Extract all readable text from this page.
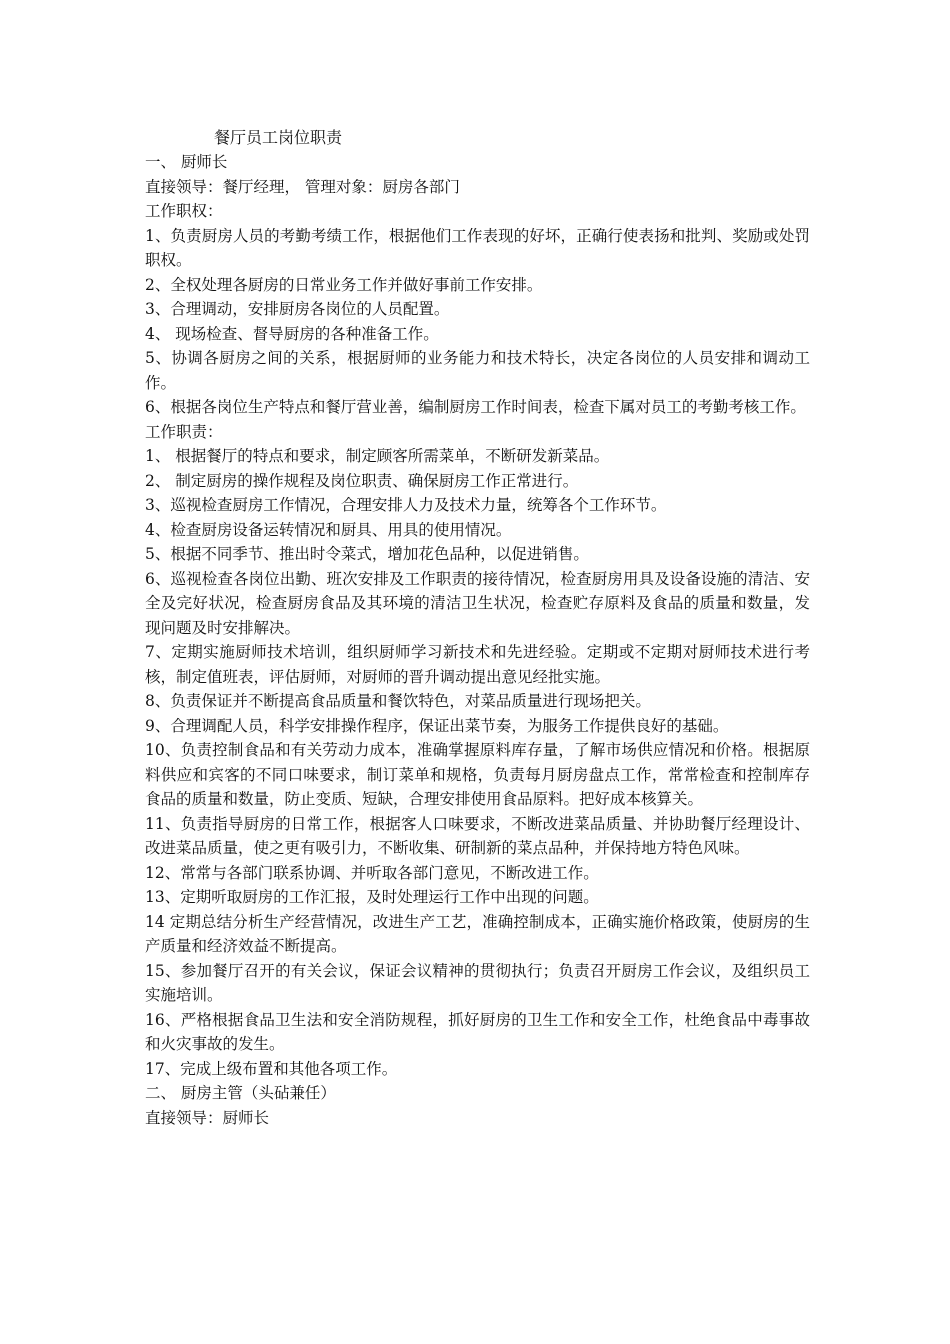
餐厅员工岗位职责

一、 厨师长

直接领导：餐厅经理， 管理对象：厨房各部门

工作职权：

1、负责厨房人员的考勤考绩工作，根据他们工作表现的好坏，正确行使表扬和批判、奖励或处罚职权。

2、全权处理各厨房的日常业务工作并做好事前工作安排。

3、合理调动，安排厨房各岗位的人员配置。

4、 现场检查、督导厨房的各种准备工作。

5、协调各厨房之间的关系，根据厨师的业务能力和技术特长，决定各岗位的人员安排和调动工作。

6、根据各岗位生产特点和餐厅营业善，编制厨房工作时间表，检查下属对员工的考勤考核工作。

工作职责：

1、 根据餐厅的特点和要求，制定顾客所需菜单，不断研发新菜品。

2、 制定厨房的操作规程及岗位职责、确保厨房工作正常进行。

3、巡视检查厨房工作情况，合理安排人力及技术力量，统筹各个工作环节。

4、检查厨房设备运转情况和厨具、用具的使用情况。

5、根据不同季节、推出时令菜式，增加花色品种，以促进销售。

6、巡视检查各岗位出勤、班次安排及工作职责的接待情况，检查厨房用具及设备设施的清洁、安全及完好状况，检查厨房食品及其环境的清洁卫生状况，检查贮存原料及食品的质量和数量，发现问题及时安排解决。

7、定期实施厨师技术培训，组织厨师学习新技术和先进经验。定期或不定期对厨师技术进行考核，制定值班表，评估厨师，对厨师的晋升调动提出意见经批实施。

8、负责保证并不断提高食品质量和餐饮特色，对菜品质量进行现场把关。

9、合理调配人员，科学安排操作程序，保证出菜节奏，为服务工作提供良好的基础。

10、负责控制食品和有关劳动力成本，准确掌握原料库存量，了解市场供应情况和价格。根据原料供应和宾客的不同口味要求，制订菜单和规格，负责每月厨房盘点工作，常常检查和控制库存食品的质量和数量，防止变质、短缺，合理安排使用食品原料。把好成本核算关。

11、负责指导厨房的日常工作，根据客人口味要求，不断改进菜品质量、并协助餐厅经理设计、改进菜品质量，使之更有吸引力，不断收集、研制新的菜点品种，并保持地方特色风味。

12、常常与各部门联系协调、并听取各部门意见，不断改进工作。

13、定期听取厨房的工作汇报，及时处理运行工作中出现的问题。

14 定期总结分析生产经营情况，改进生产工艺，准确控制成本，正确实施价格政策，使厨房的生产质量和经济效益不断提高。

15、参加餐厅召开的有关会议，保证会议精神的贯彻执行；负责召开厨房工作会议，及组织员工实施培训。

16、严格根据食品卫生法和安全消防规程，抓好厨房的卫生工作和安全工作，杜绝食品中毒事故和火灾事故的发生。

17、完成上级布置和其他各项工作。

二、 厨房主管（头砧兼任）

直接领导：厨师长
